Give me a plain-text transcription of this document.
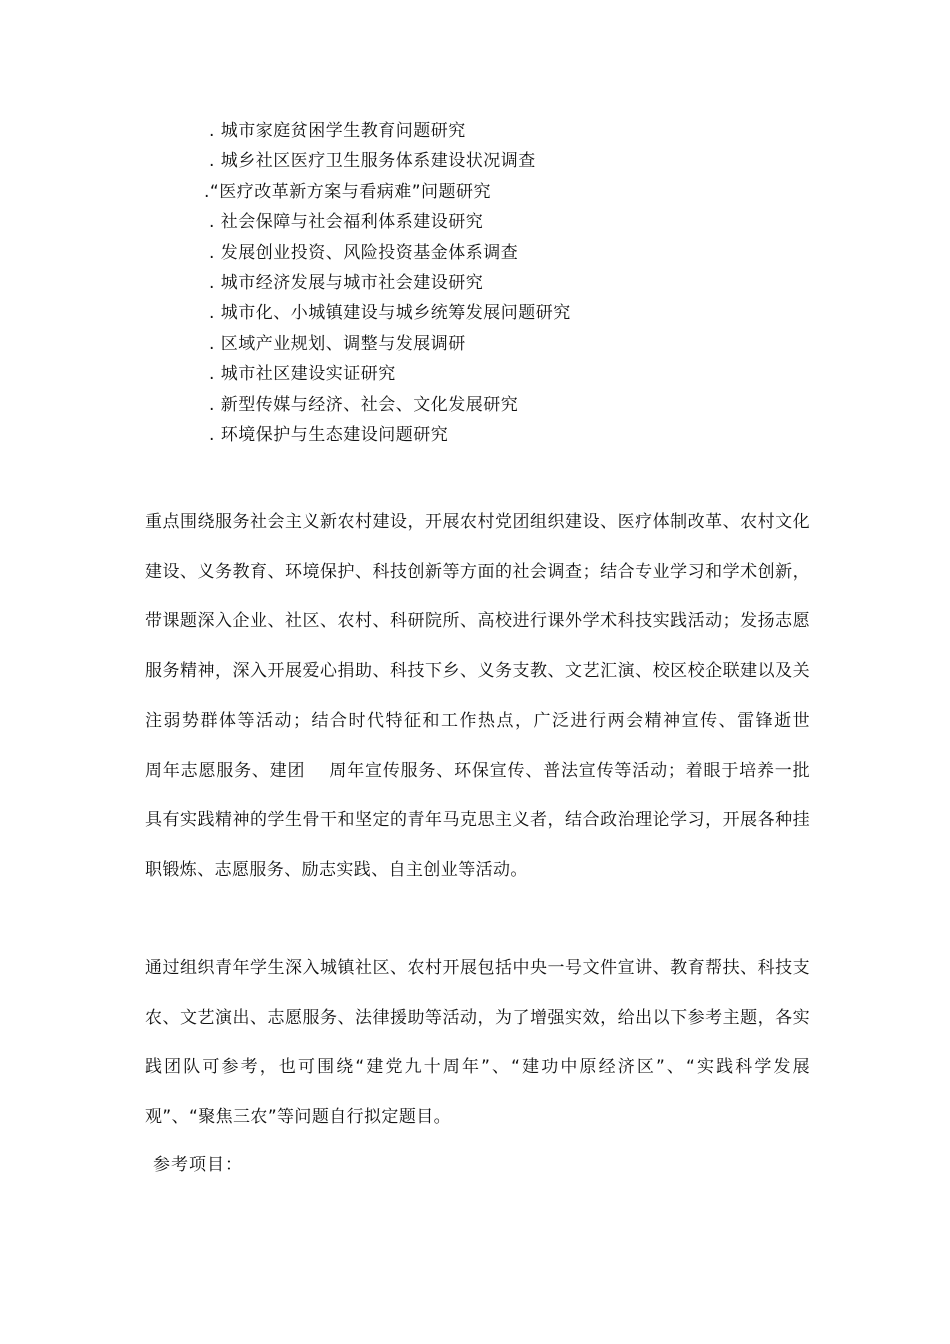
. 城市家庭贫困学生教育问题研究
. 城乡社区医疗卫生服务体系建设状况调查
.“医疗改革新方案与看病难”问题研究
. 社会保障与社会福利体系建设研究
. 发展创业投资、风险投资基金体系调查
. 城市经济发展与城市社会建设研究
. 城市化、小城镇建设与城乡统筹发展问题研究
. 区域产业规划、调整与发展调研
. 城市社区建设实证研究
. 新型传媒与经济、社会、文化发展研究
. 环境保护与生态建设问题研究

重点围绕服务社会主义新农村建设，开展农村党团组织建设、医疗体制改革、农村文化建设、义务教育、环境保护、科技创新等方面的社会调查；结合专业学习和学术创新，带课题深入企业、社区、农村、科研院所、高校进行课外学术科技实践活动；发扬志愿服务精神，深入开展爱心捐助、科技下乡、义务支教、文艺汇演、校区校企联建以及关注弱势群体等活动；结合时代特征和工作热点，广泛进行两会精神宣传、雷锋逝世　 周年志愿服务、建团　 周年宣传服务、环保宣传、普法宣传等活动；着眼于培养一批具有实践精神的学生骨干和坚定的青年马克思主义者，结合政治理论学习，开展各种挂职锻炼、志愿服务、励志实践、自主创业等活动。

通过组织青年学生深入城镇社区、农村开展包括中央一号文件宣讲、教育帮扶、科技支农、文艺演出、志愿服务、法律援助等活动，为了增强实效，给出以下参考主题，各实践团队可参考，也可围绕“建党九十周年”、“建功中原经济区”、“实践科学发展观”、“聚焦三农”等问题自行拟定题目。

参考项目：
